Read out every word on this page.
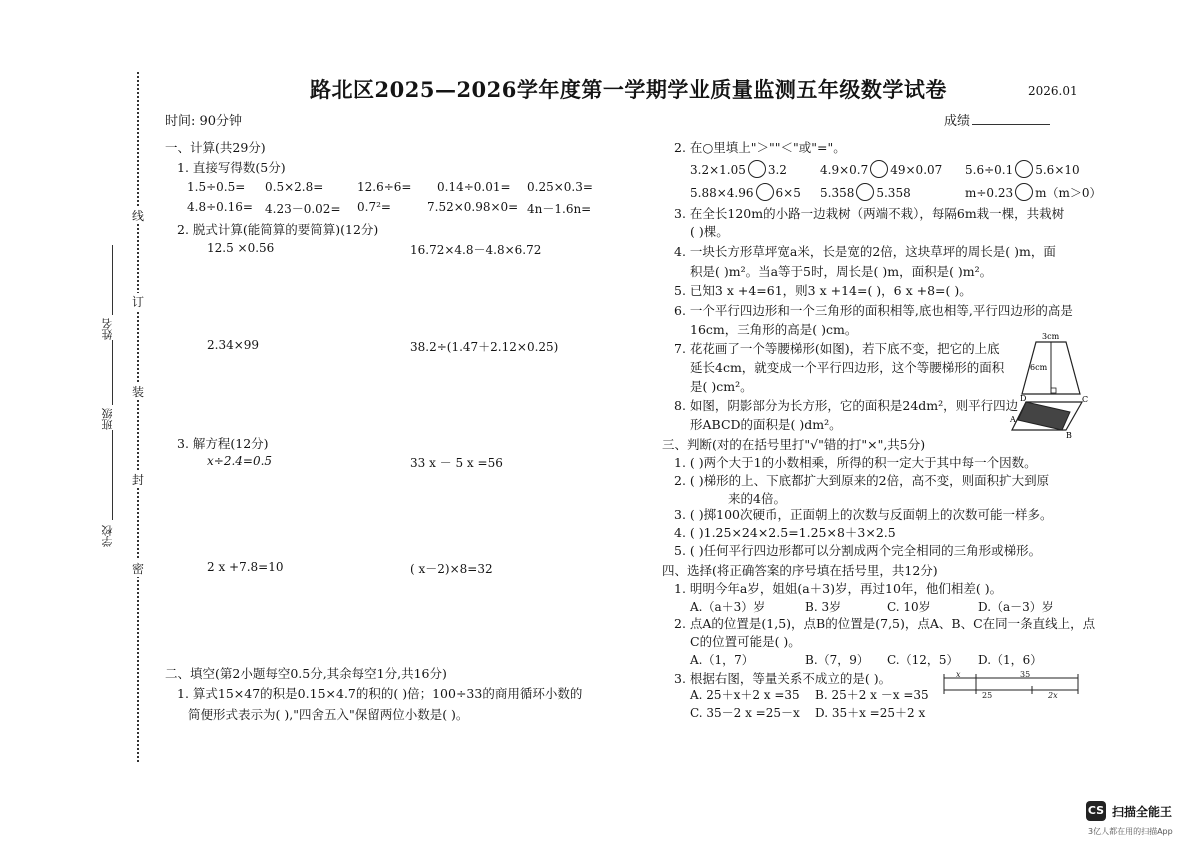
线
订
装
封
密
姓名
班级
学校
路北区2025—2026学年度第一学期学业质量监测五年级数学试卷	2026.01
时间: 90分钟	成绩
一、计算(共29分)
1. 直接写得数(5分)
1.5÷0.5= 0.5×2.8=	12.6÷6= 0.14÷0.01= 0.25×0.3=
4.8÷0.16= 4.23－0.02= 0.7²=	7.52×0.98×0= 4n－1.6n=
2. 脱式计算(能简算的要简算)(12分)
12.5 ×0.56	16.72×4.8－4.8×6.72
2.34×99	38.2÷(1.47＋2.12×0.25)
3. 解方程(12分)
x÷2.4=0.5	33 x － 5 x =56
2 x +7.8=10	( x－2)×8=32
二、填空(第2小题每空0.5分,其余每空1分,共16分)
1. 算式15×47的积是0.15×4.7的积的( )倍；100÷33的商用循环小数的
简便形式表示为( ),"四舍五入"保留两位小数是( )。
2. 在○里填上"＞""＜"或"="。
3.2×1.05 3.2	4.9×0.7 49×0.07 5.6÷0.1 5.6×10
5.88×4.96 6×5 5.3̇5̇8 5.358	m÷0.23 m（m＞0）
3. 在全长120m的小路一边栽树（两端不栽），每隔6m栽一棵，共栽树
( )棵。
4. 一块长方形草坪宽a米，长是宽的2倍，这块草坪的周长是( )m，面
积是( )m²。当a等于5时，周长是( )m，面积是( )m²。
5. 已知3 x +4=61，则3 x +14=( )，6 x +8=( )。
6. 一个平行四边形和一个三角形的面积相等,底也相等,平行四边形的高是
16cm，三角形的高是( )cm。
7. 花花画了一个等腰梯形(如图)，若下底不变，把它的上底
延长4cm，就变成一个平行四边形，这个等腰梯形的面积
是( )cm²。
8. 如图，阴影部分为长方形，它的面积是24dm²，则平行四边
形ABCD的面积是( )dm²。
3cm
6cm
A
B
C
D
三、判断(对的在括号里打"√"错的打"×",共5分)
1. ( )两个大于1的小数相乘，所得的积一定大于其中每一个因数。
2. ( )梯形的上、下底都扩大到原来的2倍，高不变，则面积扩大到原
来的4倍。
3. ( )掷100次硬币，正面朝上的次数与反面朝上的次数可能一样多。
4. ( )1.25×24×2.5=1.25×8＋3×2.5
5. ( )任何平行四边形都可以分割成两个完全相同的三角形或梯形。
四、选择(将正确答案的序号填在括号里，共12分)
1. 明明今年a岁，姐姐(a＋3)岁，再过10年，他们相差( )。
A.（a＋3）岁	B. 3岁	C. 10岁	D.（a－3）岁
2. 点A的位置是(1,5)，点B的位置是(7,5)，点A、B、C在同一条直线上，点
C的位置可能是( )。
A.（1，7）	B.（7，9） C.（12，5） D.（1，6）
3. 根据右图，等量关系不成立的是( )。
A. 25＋x＋2 x =35 B. 25＋2 x －x =35
C. 35－2 x =25－x D. 35＋x =25＋2 x
x	35
25	2x
CS 扫描全能王
3亿人都在用的扫描App
